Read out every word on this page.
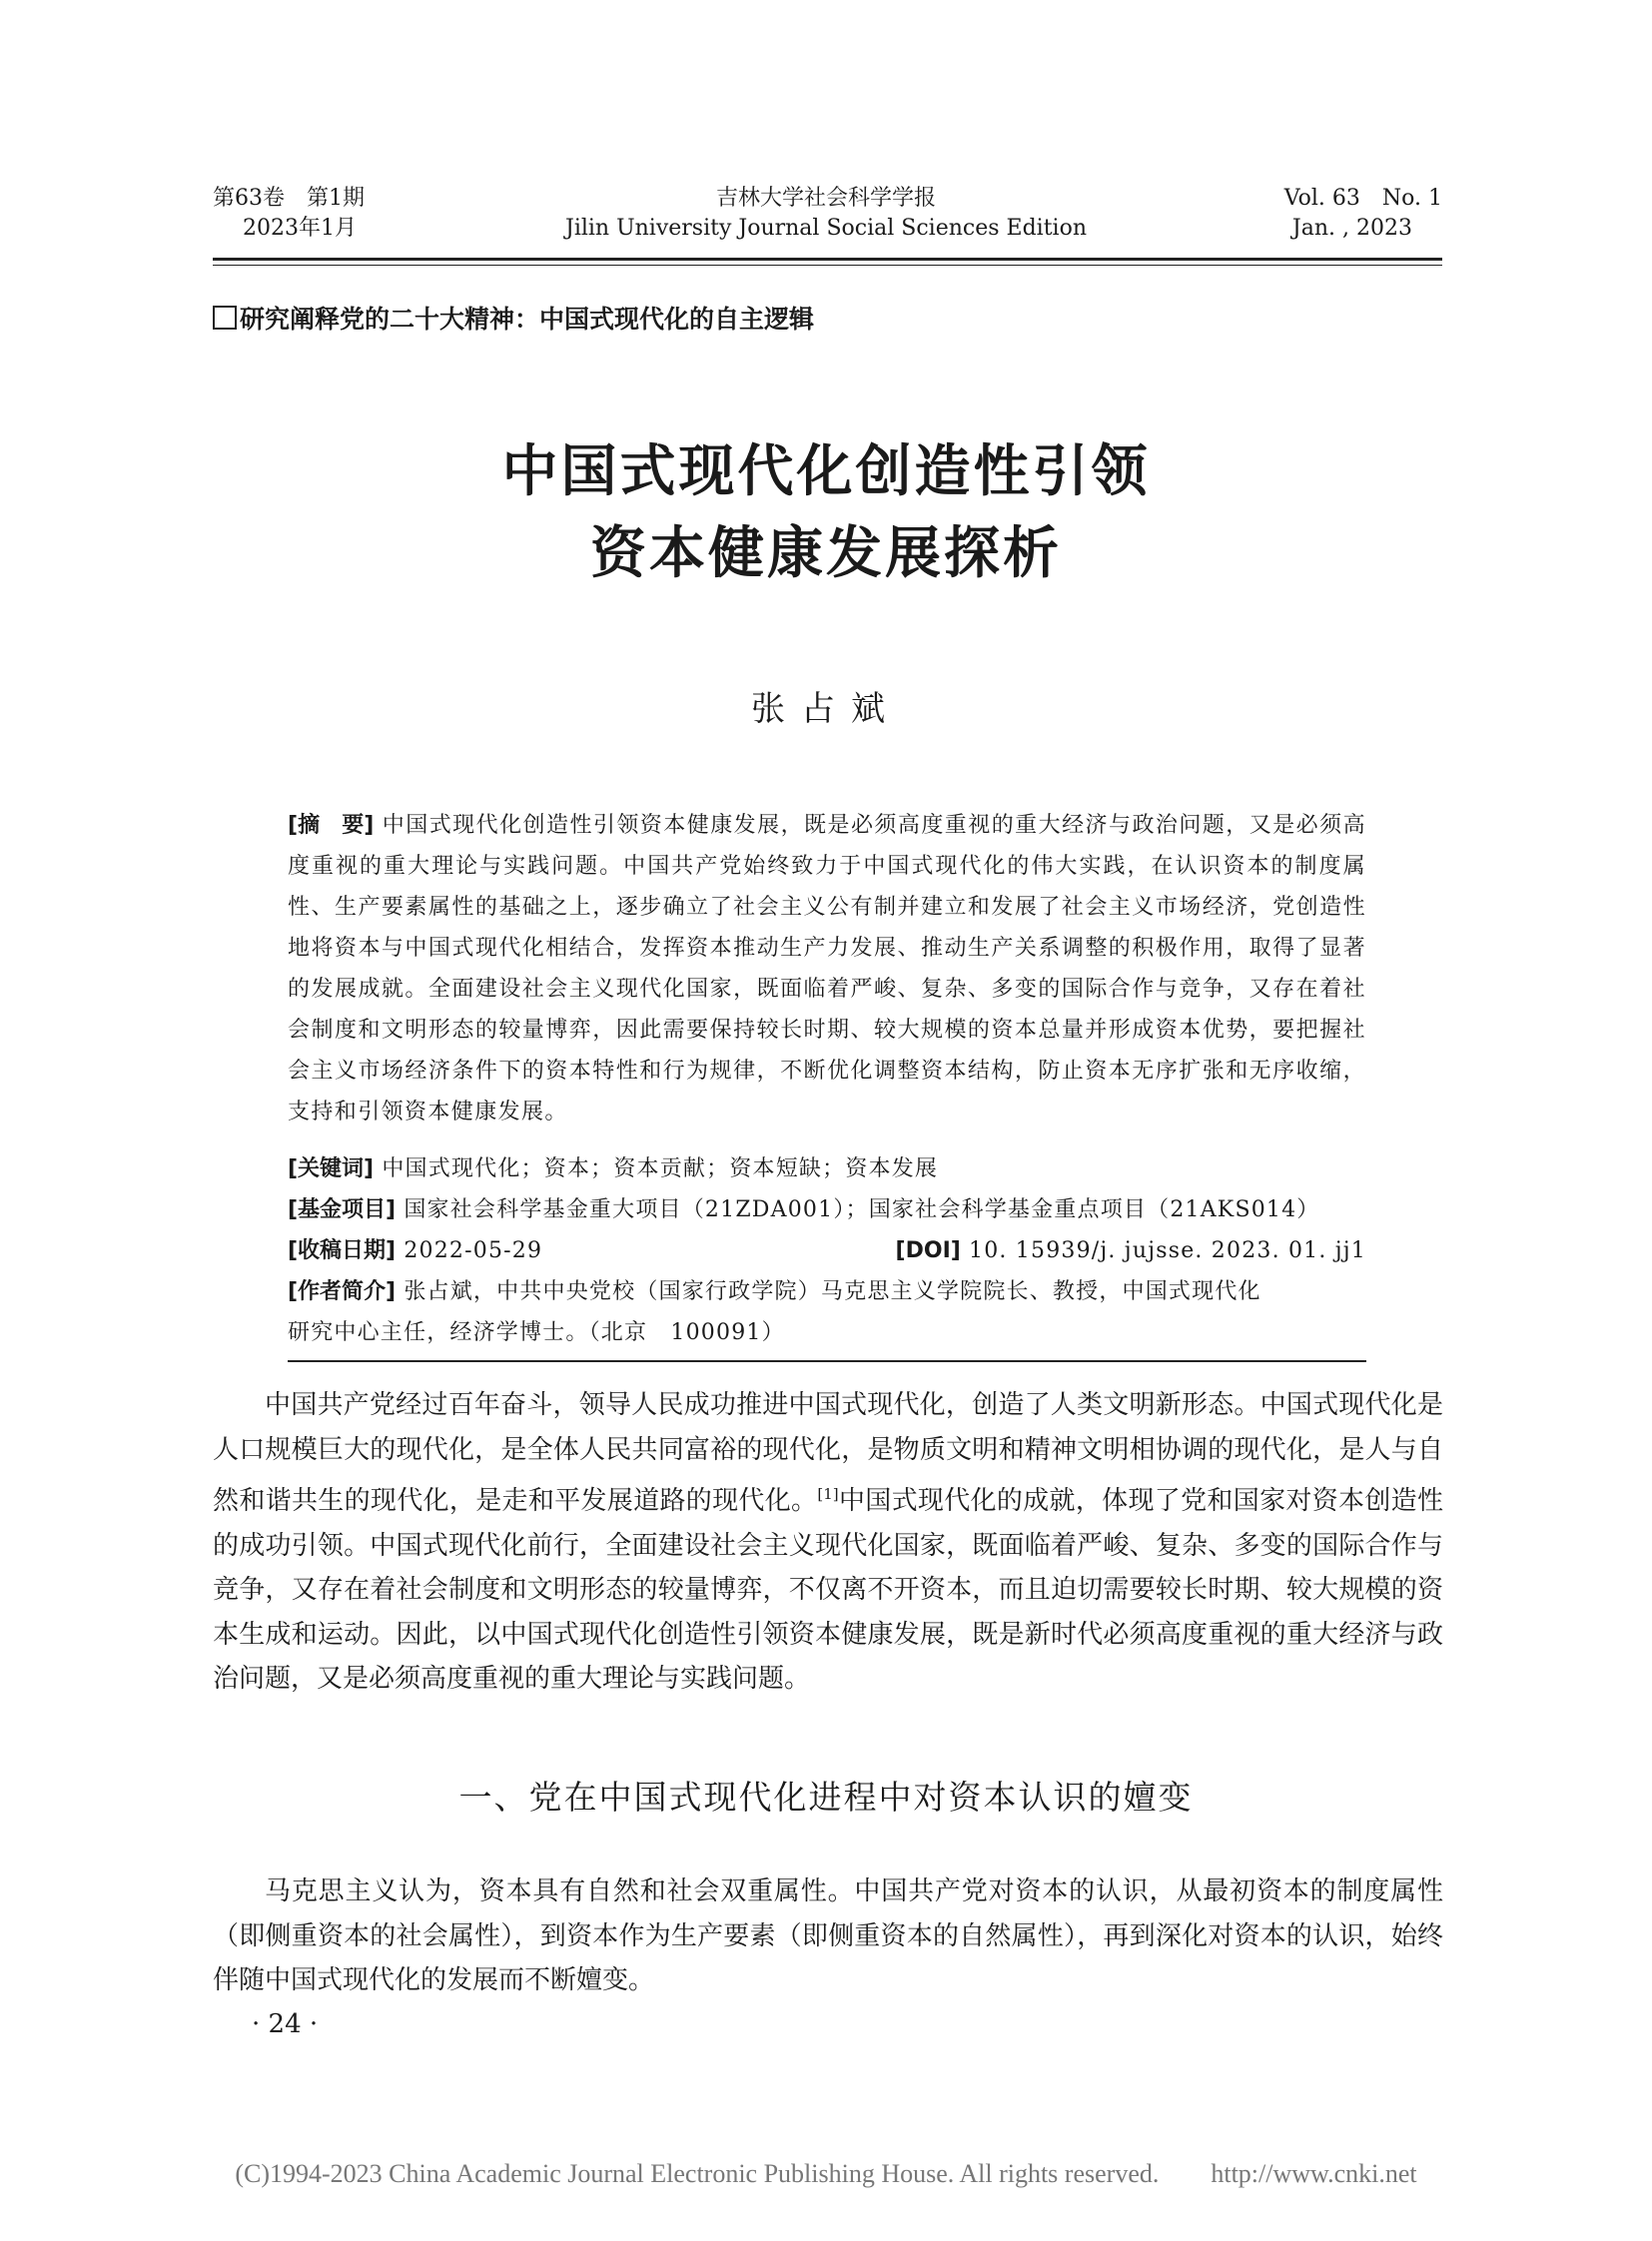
第63卷　第1期
2023年1月
吉林大学社会科学学报
Jilin University Journal Social Sciences Edition
Vol. 63　No. 1
Jan. , 2023
研究阐释党的二十大精神：中国式现代化的自主逻辑
中国式现代化创造性引领
资本健康发展探析
张占斌
[摘　要] 中国式现代化创造性引领资本健康发展，既是必须高度重视的重大经济与政治问题，又是必须高度重视的重大理论与实践问题。中国共产党始终致力于中国式现代化的伟大实践，在认识资本的制度属性、生产要素属性的基础之上，逐步确立了社会主义公有制并建立和发展了社会主义市场经济，党创造性地将资本与中国式现代化相结合，发挥资本推动生产力发展、推动生产关系调整的积极作用，取得了显著的发展成就。全面建设社会主义现代化国家，既面临着严峻、复杂、多变的国际合作与竞争，又存在着社会制度和文明形态的较量博弈，因此需要保持较长时期、较大规模的资本总量并形成资本优势，要把握社会主义市场经济条件下的资本特性和行为规律，不断优化调整资本结构，防止资本无序扩张和无序收缩，支持和引领资本健康发展。
[关键词] 中国式现代化；资本；资本贡献；资本短缺；资本发展
[基金项目] 国家社会科学基金重大项目（21ZDA001）；国家社会科学基金重点项目（21AKS014）
[收稿日期] 2022-05-29	[DOI] 10. 15939/j. jujsse. 2023. 01. jj1
[作者简介] 张占斌，中共中央党校（国家行政学院）马克思主义学院院长、教授，中国式现代化
研究中心主任，经济学博士。（北京　100091）

中国共产党经过百年奋斗，领导人民成功推进中国式现代化，创造了人类文明新形态。中国式现代化是人口规模巨大的现代化，是全体人民共同富裕的现代化，是物质文明和精神文明相协调的现代化，是人与自然和谐共生的现代化，是走和平发展道路的现代化。[1]中国式现代化的成就，体现了党和国家对资本创造性的成功引领。中国式现代化前行，全面建设社会主义现代化国家，既面临着严峻、复杂、多变的国际合作与竞争，又存在着社会制度和文明形态的较量博弈，不仅离不开资本，而且迫切需要较长时期、较大规模的资本生成和运动。因此，以中国式现代化创造性引领资本健康发展，既是新时代必须高度重视的重大经济与政治问题，又是必须高度重视的重大理论与实践问题。

一、党在中国式现代化进程中对资本认识的嬗变

马克思主义认为，资本具有自然和社会双重属性。中国共产党对资本的认识，从最初资本的制度属性（即侧重资本的社会属性），到资本作为生产要素（即侧重资本的自然属性），再到深化对资本的认识，始终伴随中国式现代化的发展而不断嬗变。

· 24 ·
(C)1994-2023 China Academic Journal Electronic Publishing House. All rights reserved.　　http://www.cnki.net
